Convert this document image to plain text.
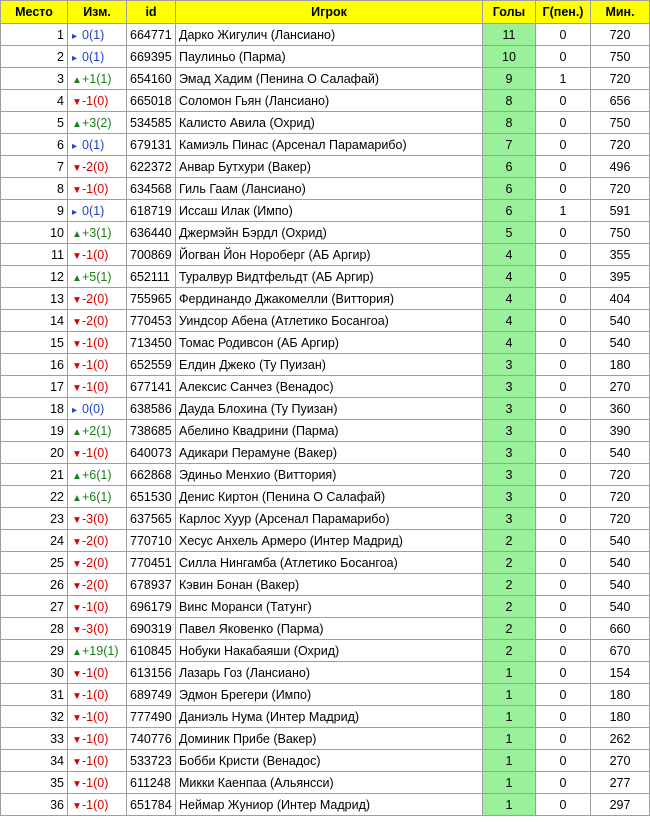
Место	Изм.	id	Игрок	Голы	Г(пен.)	Мин.
1	▸ 0(1)	664771	Дарко Жигулич (Лансиано)	11	0	720
2	▸ 0(1)	669395	Паулиньо (Парма)	10	0	750
3	▲+1(1)	654160	Эмад Хадим (Пенина О Салафай)	9	1	720
4	▼-1(0)	665018	Соломон Гьян (Лансиано)	8	0	656
5	▲+3(2)	534585	Калисто Авила (Охрид)	8	0	750
6	▸ 0(1)	679131	Камиэль Пинас (Арсенал Парамарибо)	7	0	720
7	▼-2(0)	622372	Анвар Бутхури (Вакер)	6	0	496
8	▼-1(0)	634568	Гиль Гаам (Лансиано)	6	0	720
9	▸ 0(1)	618719	Иссаш Илак (Импо)	6	1	591
10	▲+3(1)	636440	Джермэйн Бэрдл (Охрид)	5	0	750
11	▼-1(0)	700869	Йогван Йон Нороберг (АБ Аргир)	4	0	355
12	▲+5(1)	652111	Туралвур Видтфельдт (АБ Аргир)	4	0	395
13	▼-2(0)	755965	Фердинандо Джакомелли (Виттория)	4	0	404
14	▼-2(0)	770453	Уиндсор Абена (Атлетико Босангоа)	4	0	540
15	▼-1(0)	713450	Томас Родивсон (АБ Аргир)	4	0	540
16	▼-1(0)	652559	Елдин Джеко (Ту Пуизан)	3	0	180
17	▼-1(0)	677141	Алексис Санчез (Венадос)	3	0	270
18	▸ 0(0)	638586	Дауда Блохина (Ту Пуизан)	3	0	360
19	▲+2(1)	738685	Абелино Квадрини (Парма)	3	0	390
20	▼-1(0)	640073	Адикари Перамуне (Вакер)	3	0	540
21	▲+6(1)	662868	Эдиньо Менхио (Виттория)	3	0	720
22	▲+6(1)	651530	Денис Киртон (Пенина О Салафай)	3	0	720
23	▼-3(0)	637565	Карлос Хуур (Арсенал Парамарибо)	3	0	720
24	▼-2(0)	770710	Хесус Анхель Армеро (Интер Мадрид)	2	0	540
25	▼-2(0)	770451	Силла Нингамба (Атлетико Босангоа)	2	0	540
26	▼-2(0)	678937	Кэвин Бонан (Вакер)	2	0	540
27	▼-1(0)	696179	Винс Моранси (Татунг)	2	0	540
28	▼-3(0)	690319	Павел Яковенко (Парма)	2	0	660
29	▲+19(1)	610845	Нобуки Накабаяши (Охрид)	2	0	670
30	▼-1(0)	613156	Лазарь Гоз (Лансиано)	1	0	154
31	▼-1(0)	689749	Эдмон Брегери (Импо)	1	0	180
32	▼-1(0)	777490	Даниэль Нума (Интер Мадрид)	1	0	180
33	▼-1(0)	740776	Доминик Прибе (Вакер)	1	0	262
34	▼-1(0)	533723	Бобби Кристи (Венадос)	1	0	270
35	▼-1(0)	611248	Микки Каенпаа (Альянсси)	1	0	277
36	▼-1(0)	651784	Неймар Жуниор (Интер Мадрид)	1	0	297
